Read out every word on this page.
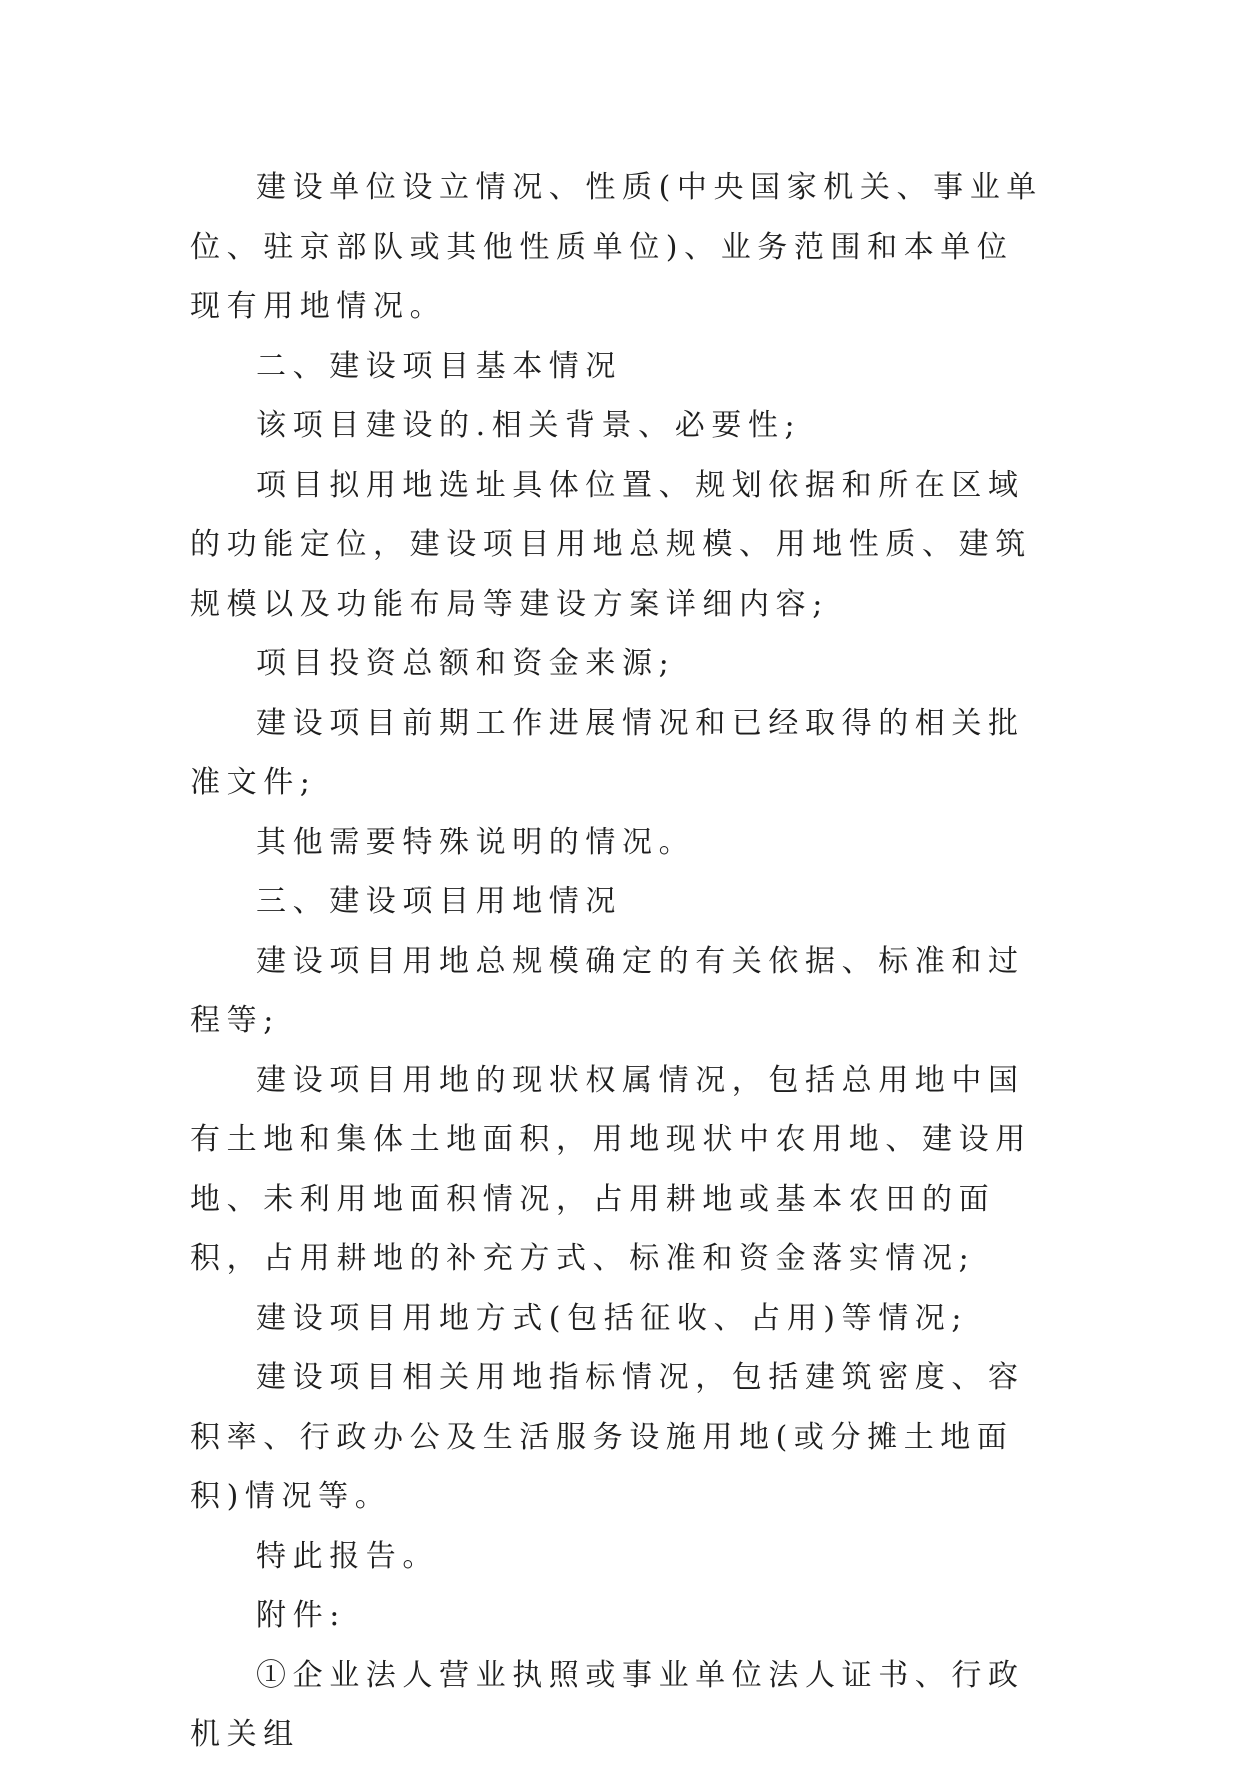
建设单位设立情况、性质(中央国家机关、事业单位、驻京部队或其他性质单位)、业务范围和本单位现有用地情况。

二、建设项目基本情况

该项目建设的.相关背景、必要性;

项目拟用地选址具体位置、规划依据和所在区域的功能定位，建设项目用地总规模、用地性质、建筑规模以及功能布局等建设方案详细内容;

项目投资总额和资金来源;

建设项目前期工作进展情况和已经取得的相关批准文件;

其他需要特殊说明的情况。

三、建设项目用地情况

建设项目用地总规模确定的有关依据、标准和过程等;

建设项目用地的现状权属情况，包括总用地中国有土地和集体土地面积，用地现状中农用地、建设用地、未利用地面积情况，占用耕地或基本农田的面积，占用耕地的补充方式、标准和资金落实情况;

建设项目用地方式(包括征收、占用)等情况;

建设项目相关用地指标情况，包括建筑密度、容积率、行政办公及生活服务设施用地(或分摊土地面积)情况等。

特此报告。

附件:

①企业法人营业执照或事业单位法人证书、行政机关组
